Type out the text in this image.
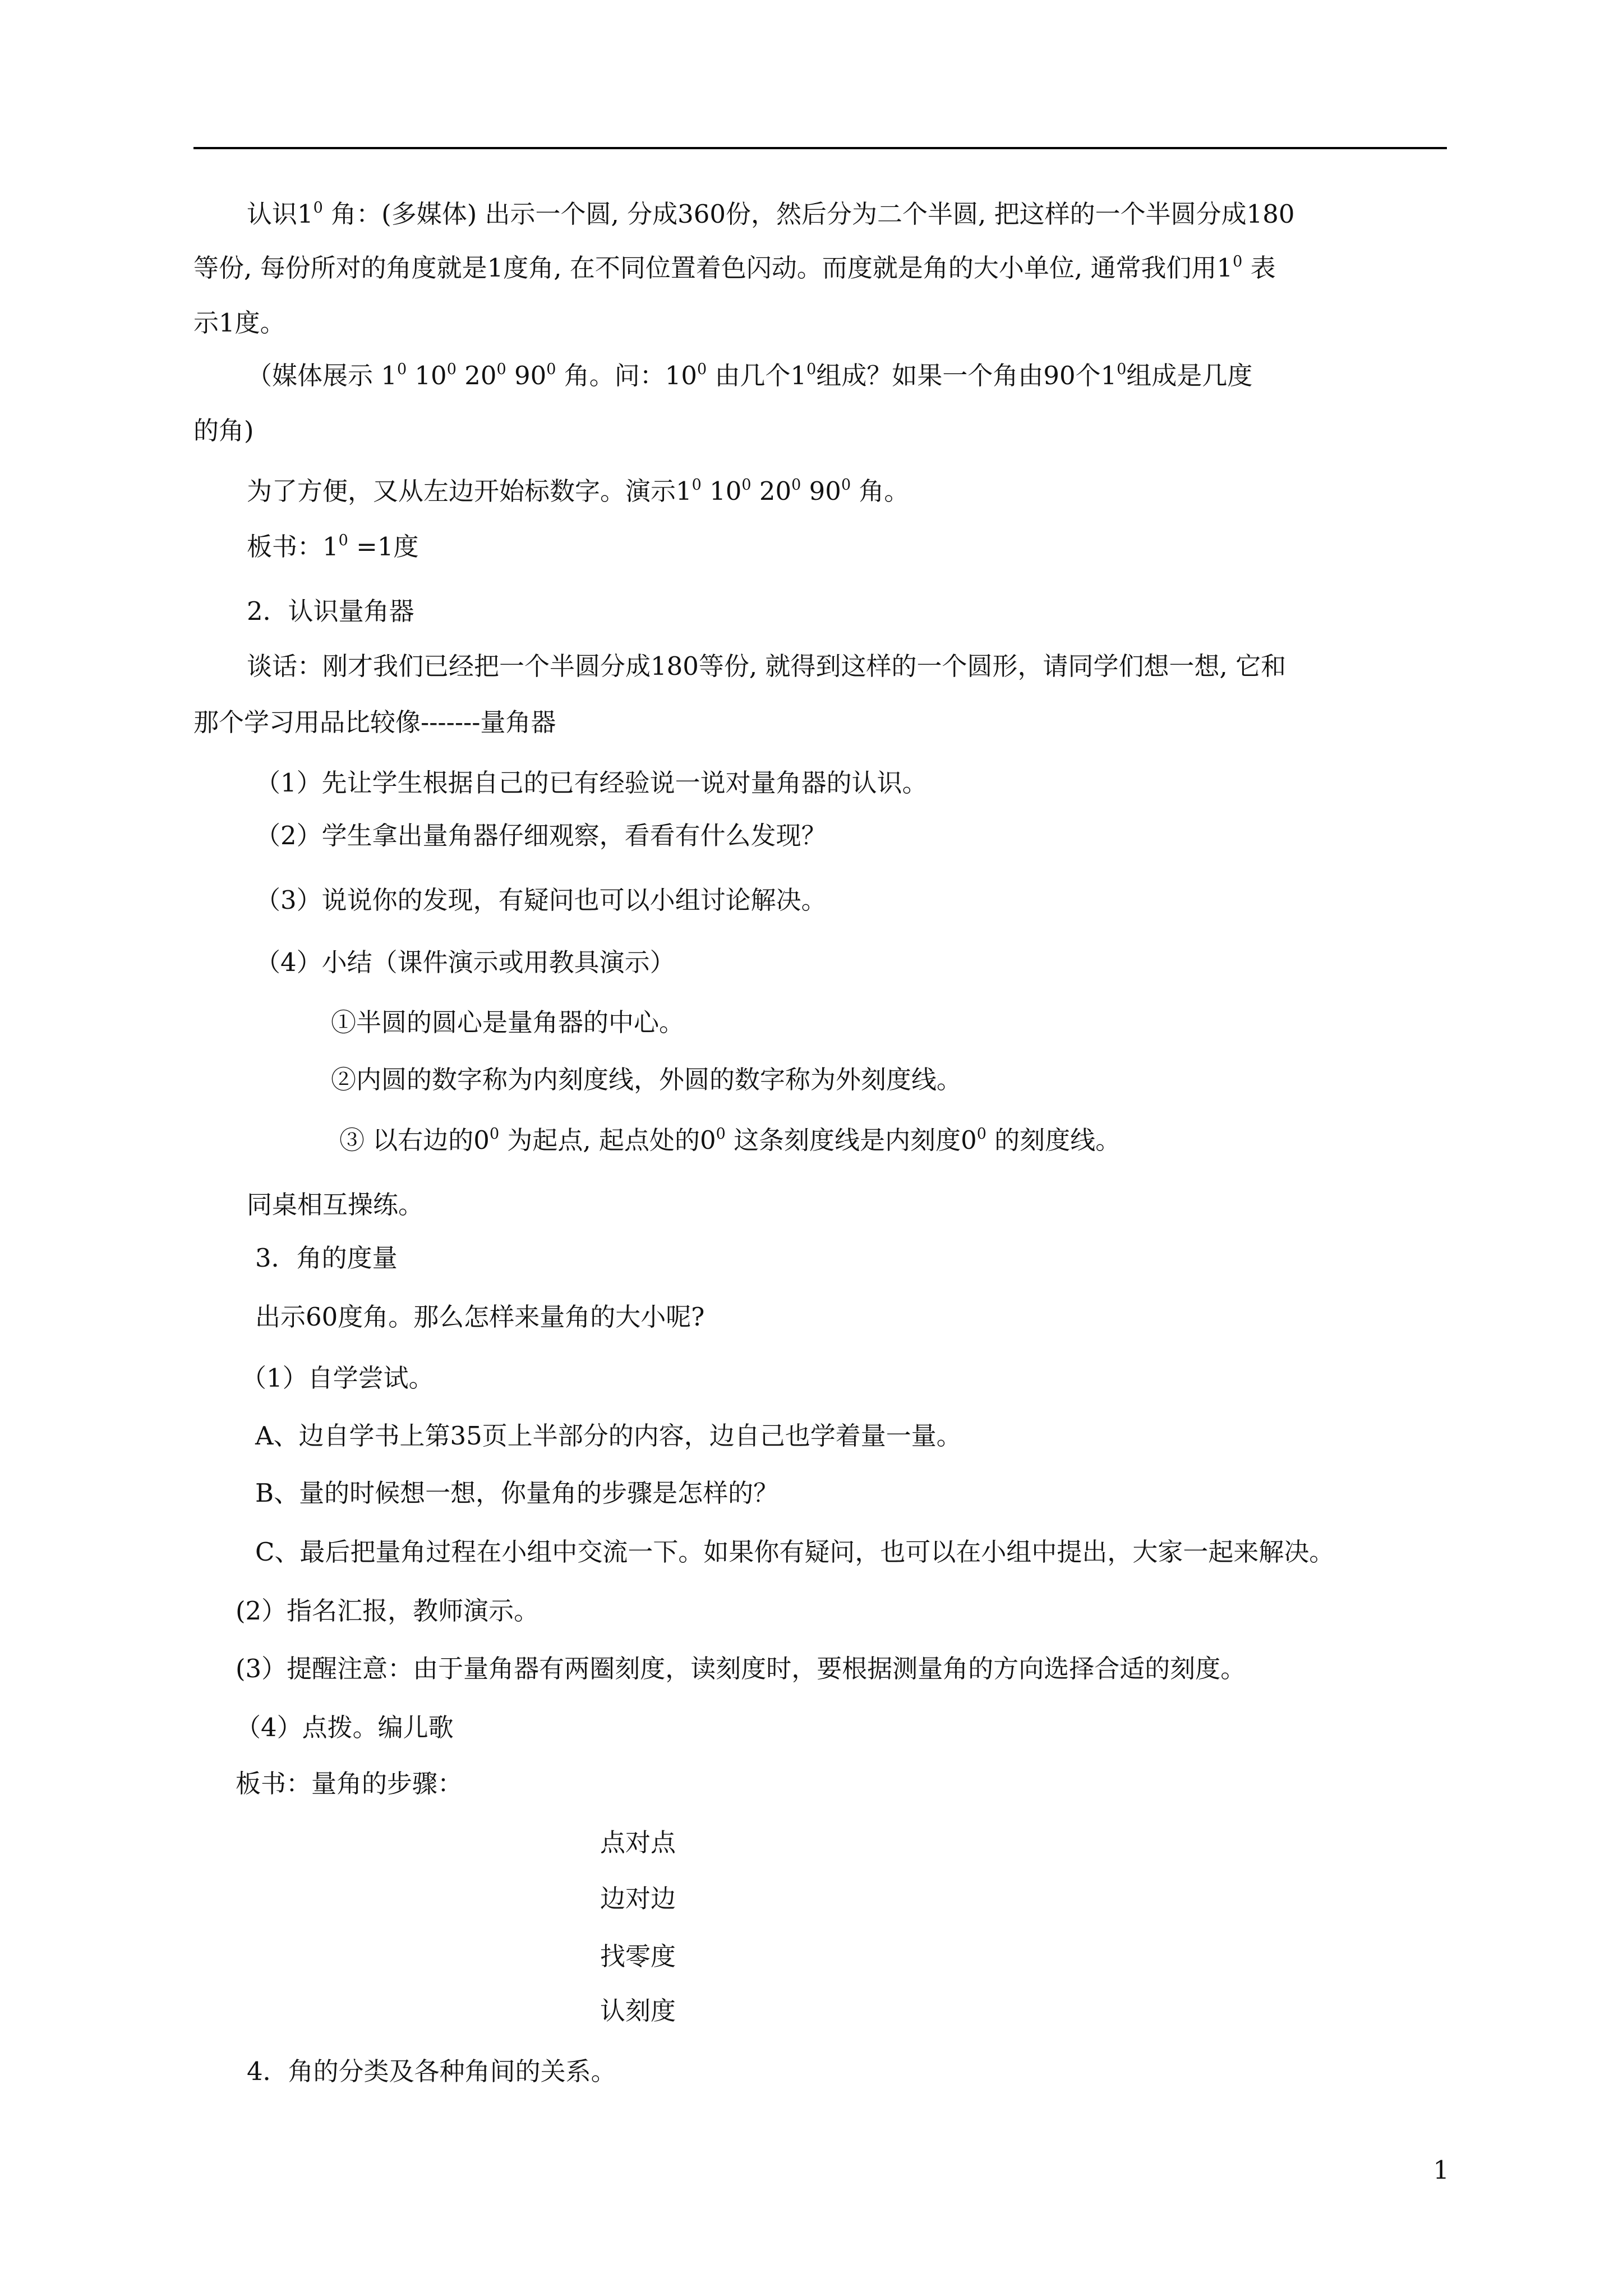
认识$1^0$ 角：(多媒体) 出示一个圆, 分成360份，然后分为二个半圆, 把这样的一个半圆分成180
等份, 每份所对的角度就是1度角, 在不同位置着色闪动。而度就是角的大小单位, 通常我们用$1^0$ 表
示1度。
（媒体展示 $1^0$ $10^0$ $20^0$ $90^0$ 角。问：$10^0$ 由几个$1^0$组成？如果一个角由90个$1^0$组成是几度
的角)
为了方便，又从左边开始标数字。演示$1^0$ $10^0$ $20^0$ $90^0$ 角。
板书：$1^0 =1$度
2．认识量角器
谈话：刚才我们已经把一个半圆分成180等份, 就得到这样的一个圆形，请同学们想一想, 它和
那个学习用品比较像-------量角器
（1）先让学生根据自己的已有经验说一说对量角器的认识。
（2）学生拿出量角器仔细观察，看看有什么发现？
（3）说说你的发现，有疑问也可以小组讨论解决。
（4）小结（课件演示或用教具演示）
①半圆的圆心是量角器的中心。
②内圆的数字称为内刻度线，外圆的数字称为外刻度线。
③ 以右边的$0^0$ 为起点, 起点处的$0^0$ 这条刻度线是内刻度$0^0$ 的刻度线。
同桌相互操练。
3．角的度量
出示60度角。那么怎样来量角的大小呢?
（1）自学尝试。
A、边自学书上第35页上半部分的内容，边自己也学着量一量。
B、量的时候想一想，你量角的步骤是怎样的？
C、最后把量角过程在小组中交流一下。如果你有疑问，也可以在小组中提出，大家一起来解决。
(2）指名汇报，教师演示。
(3）提醒注意：由于量角器有两圈刻度，读刻度时，要根据测量角的方向选择合适的刻度。
（4）点拨。编儿歌
板书：量角的步骤：
点对点
边对边
找零度
认刻度
4．角的分类及各种角间的关系。
1
